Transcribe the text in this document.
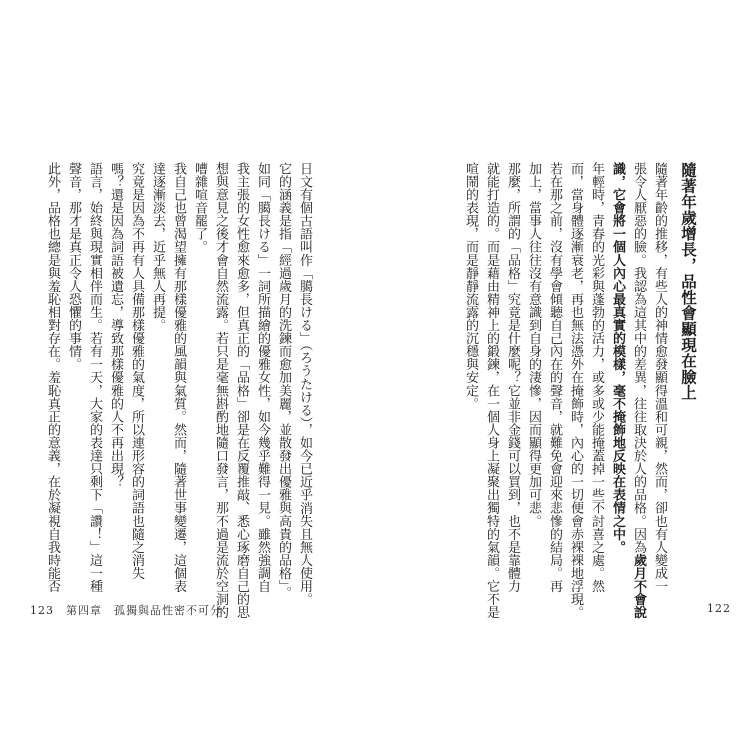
隨著年歲增長，品性會顯現在臉上
隨著年齡的推移，有些人的神情愈發顯得溫和可親，然而，卻也有人變成一
張令人厭惡的臉。我認為這其中的差異，往往取決於人的品格。因為歲月不會說
識，它會將一個人內心最真實的模樣，毫不掩飾地反映在表情之中。
年輕時，青春的光彩與蓬勃的活力，或多或少能掩蓋掉一些不討喜之處。然
而，當身體逐漸衰老，再也無法憑外在掩飾時，內心的一切便會赤裸裸地浮現。
若在那之前，沒有學會傾聽自己內在的聲音，就難免會迎來悲慘的結局。再
加上，當事人往往沒有意識到自身的淒慘，因而顯得更加可悲。
那麼，所謂的「品格」究竟是什麼呢？它並非金錢可以買到，也不是靠體力
就能打造的。而是藉由精神上的鍛鍊，在一個人身上凝聚出獨特的氣韻。它不是
喧鬧的表現，而是靜靜流露的沉穩與安定。
122
日文有個古語叫作「臈長ける」（ろうたける），如今已近乎消失且無人使用。
它的涵義是指「經過歲月的洗鍊而愈加美麗，並散發出優雅與高貴的品格」。
如同「臈長ける」一詞所描繪的優雅女性，如今幾乎難得一見。雖然強調自
我主張的女性愈來愈多，但真正的「品格」卻是在反覆推敲、悉心琢磨自己的思
想與意見之後才會自然流露。若只是毫無斟酌地隨口發言，那不過是流於空洞的
嘈雜喧音罷了。
我自己也曾渴望擁有那樣優雅的風韻與氣質。然而，隨著世事變遷，這個表
達逐漸淡去，近乎無人再提。
究竟是因為不再有人具備那樣優雅的氣度，所以連形容的詞語也隨之消失
嗎？還是因為詞語被遺忘，導致那樣優雅的人不再出現？
語言，始終與現實相伴而生。若有一天，大家的表達只剩下「讚！」這一種
聲音，那才是真正令人恐懼的事情。
此外，品格也總是與羞恥相對存在。羞恥真正的意義，在於凝視自我時能否
123　第四章　孤獨與品性密不可分
